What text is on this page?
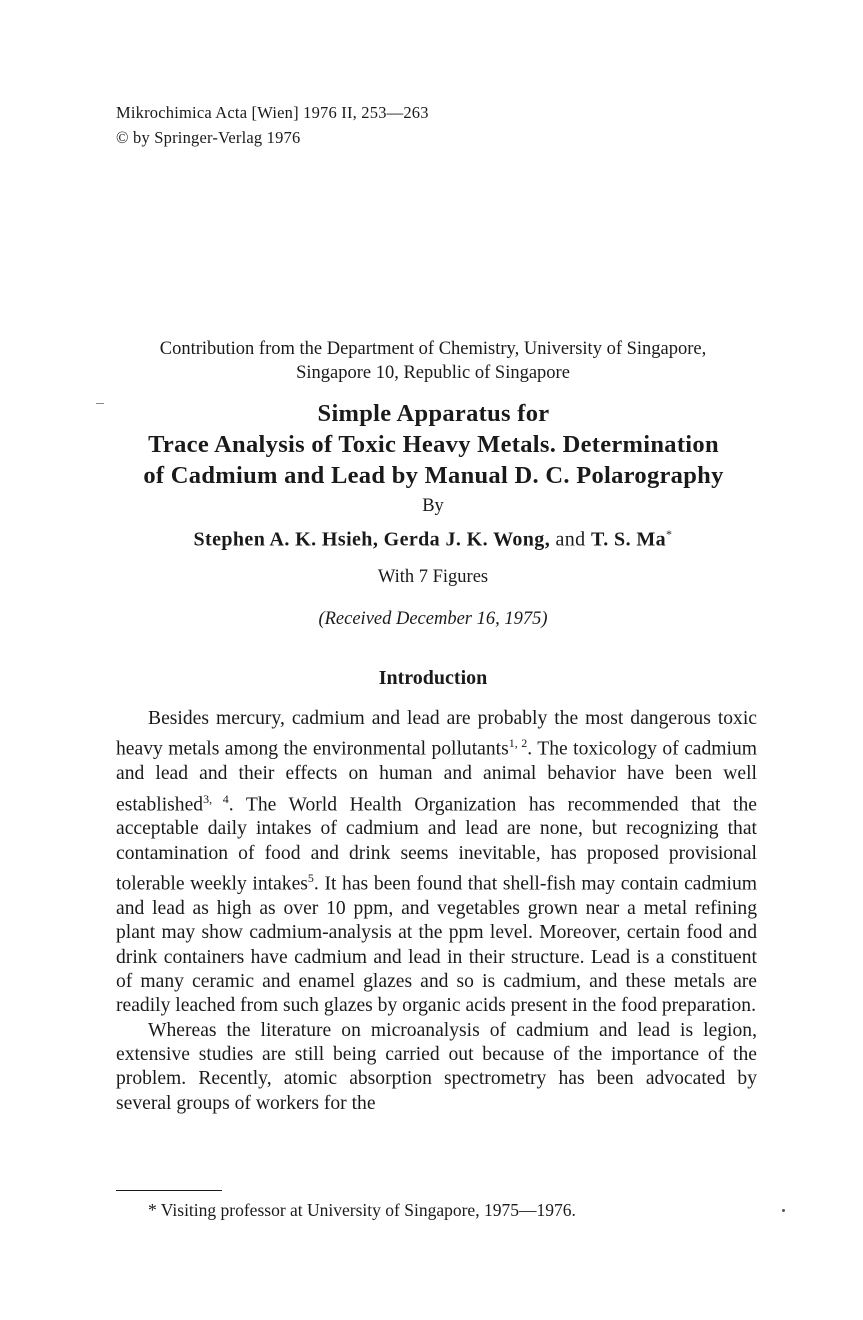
Mikrochimica Acta [Wien] 1976 II, 253—263
© by Springer-Verlag 1976
Contribution from the Department of Chemistry, University of Singapore,
Singapore 10, Republic of Singapore
Simple Apparatus for
Trace Analysis of Toxic Heavy Metals. Determination
of Cadmium and Lead by Manual D. C. Polarography
By
Stephen A. K. Hsieh, Gerda J. K. Wong, and T. S. Ma*
With 7 Figures
(Received December 16, 1975)
Introduction

Besides mercury, cadmium and lead are probably the most dangerous toxic heavy metals among the environmental pollutants$^{1, 2}$. The toxicology of cadmium and lead and their effects on human and animal behavior have been well established$^{3, 4}$. The World Health Organization has recommended that the acceptable daily intakes of cadmium and lead are none, but recognizing that contamination of food and drink seems inevitable, has proposed provisional tolerable weekly intakes$^5$. It has been found that shell-fish may contain cadmium and lead as high as over 10 ppm, and vegetables grown near a metal refining plant may show cadmium-analysis at the ppm level. Moreover, certain food and drink containers have cadmium and lead in their structure. Lead is a constituent of many ceramic and enamel glazes and so is cadmium, and these metals are readily leached from such glazes by organic acids present in the food preparation.

Whereas the literature on microanalysis of cadmium and lead is legion, extensive studies are still being carried out because of the importance of the problem. Recently, atomic absorption spectrometry has been advocated by several groups of workers for the

* Visiting professor at University of Singapore, 1975—1976.
